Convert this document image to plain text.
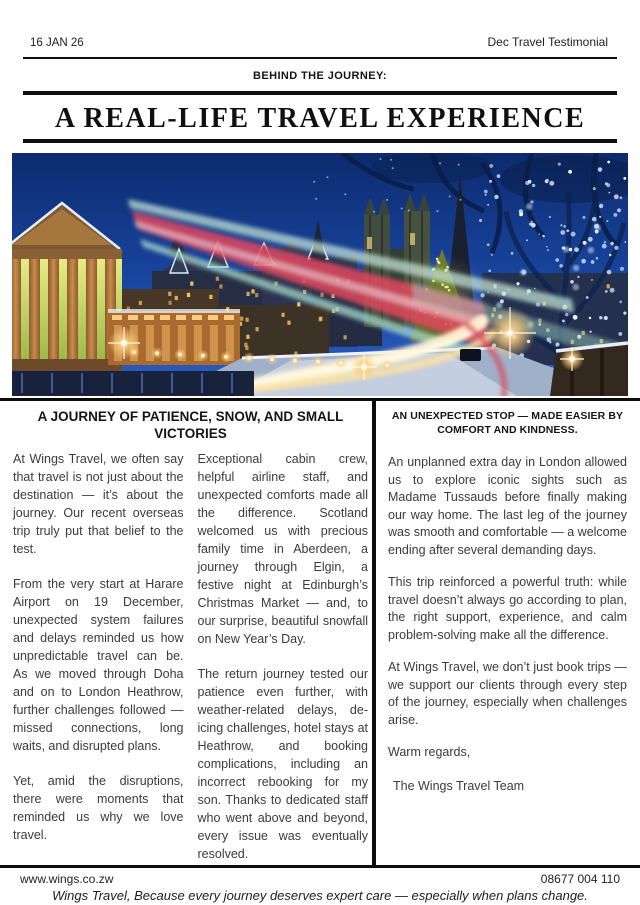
16 JAN 26	Dec Travel Testimonial
BEHIND THE JOURNEY:
A REAL-LIFE TRAVEL EXPERIENCE
A JOURNEY OF PATIENCE, SNOW, AND SMALL VICTORIES

At Wings Travel, we often say that travel is not just about the destination — it’s about the journey. Our recent overseas trip truly put that belief to the test.

From the very start at Harare Airport on 19 December, unexpected system failures and delays reminded us how unpredictable travel can be. As we moved through Doha and on to London Heathrow, further challenges followed — missed connections, long waits, and disrupted plans.

Yet, amid the disruptions, there were moments that reminded us why we love travel.

Exceptional cabin crew, helpful airline staff, and unexpected comforts made all the difference. Scotland welcomed us with precious family time in Aberdeen, a journey through Elgin, a festive night at Edinburgh’s Christmas Market — and, to our surprise, beautiful snowfall on New Year’s Day.

The return journey tested our patience even further, with weather-related delays, de-icing challenges, hotel stays at Heathrow, and booking complications, including an incorrect rebooking for my son. Thanks to dedicated staff who went above and beyond, every issue was eventually resolved.

AN UNEXPECTED STOP — MADE EASIER BY COMFORT AND KINDNESS.

An unplanned extra day in London allowed us to explore iconic sights such as Madame Tussauds before finally making our way home. The last leg of the journey was smooth and comfortable — a welcome ending after several demanding days.

This trip reinforced a powerful truth: while travel doesn’t always go according to plan, the right support, experience, and calm problem-solving make all the difference.

At Wings Travel, we don’t just book trips — we support our clients through every step of the journey, especially when challenges arise.

Warm regards,

The Wings Travel Team

www.wings.co.zw	08677 004 110
Wings Travel, Because every journey deserves expert care — especially when plans change.
